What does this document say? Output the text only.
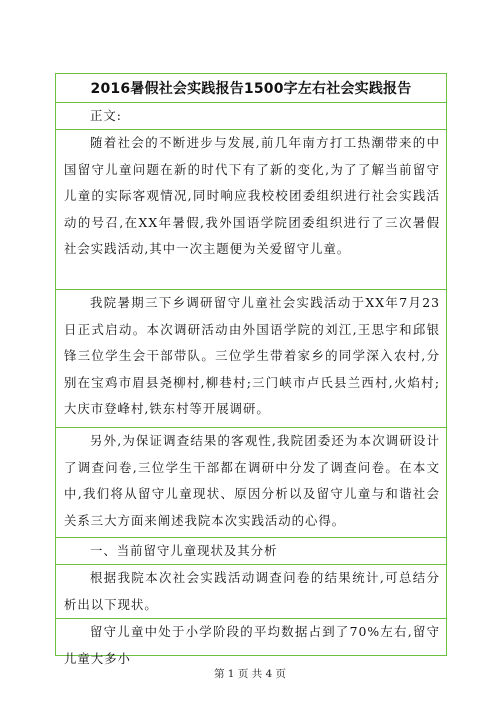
2016暑假社会实践报告1500字左右社会实践报告
正文:
随着社会的不断进步与发展,前几年南方打工热潮带来的中国留守儿童问题在新的时代下有了新的变化,为了了解当前留守儿童的实际客观情况,同时响应我校校团委组织进行社会实践活动的号召,在XX年暑假,我外国语学院团委组织进行了三次暑假社会实践活动,其中一次主题便为关爱留守儿童。
我院暑期三下乡调研留守儿童社会实践活动于XX年7月23日正式启动。本次调研活动由外国语学院的刘江,王思宇和邱银锋三位学生会干部带队。三位学生带着家乡的同学深入农村,分别在宝鸡市眉县尧柳村,柳巷村;三门峡市卢氏县兰西村,火焰村;大庆市登峰村,铁东村等开展调研。
另外,为保证调查结果的客观性,我院团委还为本次调研设计了调查问卷,三位学生干部都在调研中分发了调查问卷。在本文中,我们将从留守儿童现状、原因分析以及留守儿童与和谐社会关系三大方面来阐述我院本次实践活动的心得。
一、当前留守儿童现状及其分析
根据我院本次社会实践活动调查问卷的结果统计,可总结分析出以下现状。
留守儿童中处于小学阶段的平均数据占到了70%左右,留守儿童大多小
第 1 页 共 4 页
